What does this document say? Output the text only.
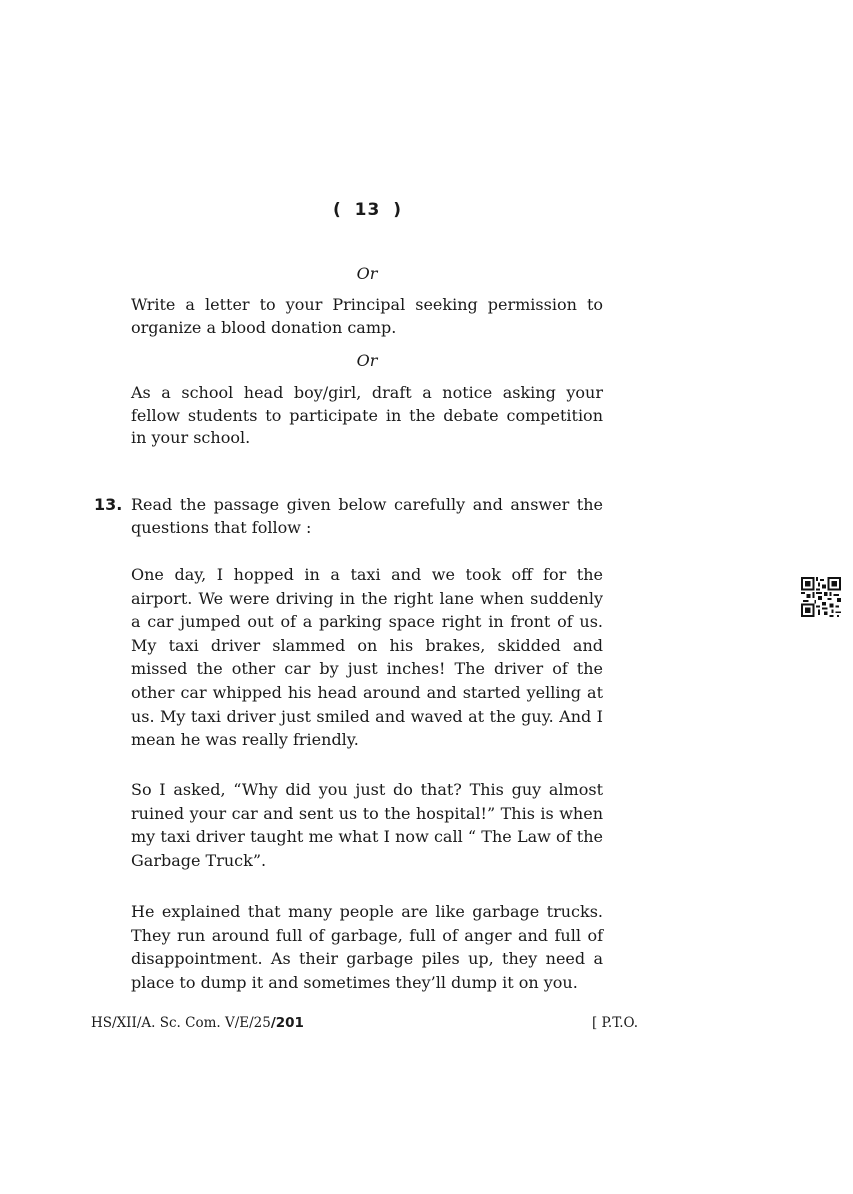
( 13 )
Or
Write a letter to your Principal seeking permission to organize a blood donation camp.
Or
As a school head boy/girl, draft a notice asking your fellow students to participate in the debate competition in your school.
13. Read the passage given below carefully and answer the questions that follow :

One day, I hopped in a taxi and we took off for the airport. We were driving in the right lane when suddenly a car jumped out of a parking space right in front of us. My taxi driver slammed on his brakes, skidded and missed the other car by just inches! The driver of the other car whipped his head around and started yelling at us. My taxi driver just smiled and waved at the guy. And I mean he was really friendly.

So I asked, “Why did you just do that? This guy almost ruined your car and sent us to the hospital!” This is when my taxi driver taught me what I now call “ The Law of the Garbage Truck”.

He explained that many people are like garbage trucks. They run around full of garbage, full of anger and full of disappointment. As their garbage piles up, they need a place to dump it and sometimes they’ll dump it on you.

HS/XII/A. Sc. Com. V/E/25/201	[ P.T.O.
